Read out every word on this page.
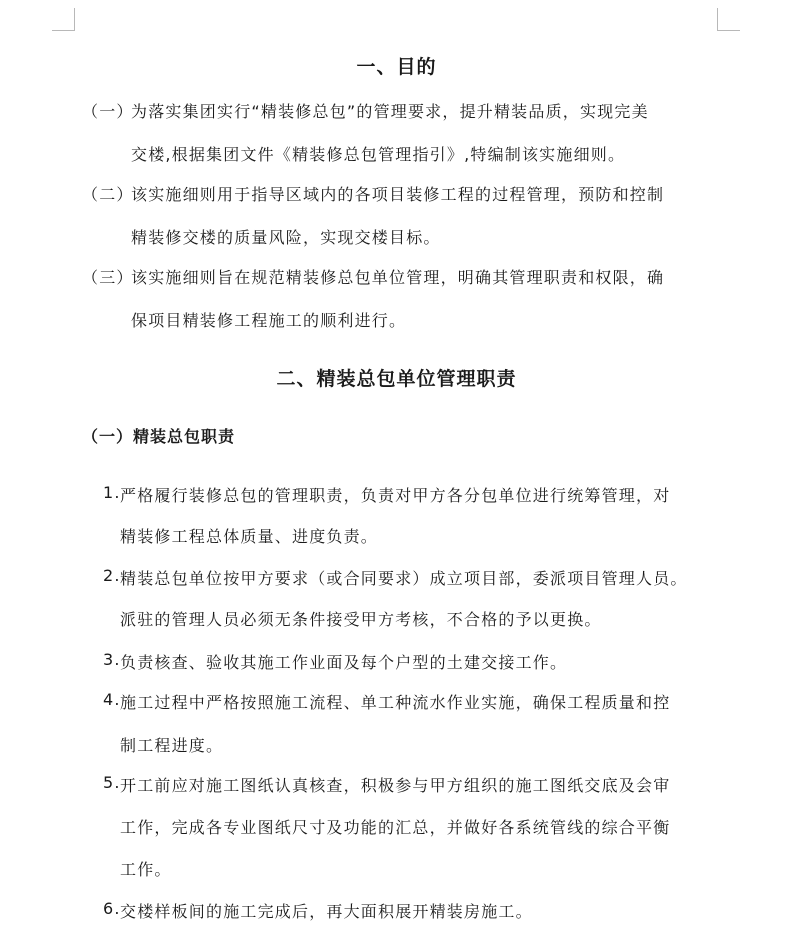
一、目的
（一）
为落实集团实行“精装修总包”的管理要求，提升精装品质，实现完美
交楼,根据集团文件《精装修总包管理指引》,特编制该实施细则。
（二）
该实施细则用于指导区域内的各项目装修工程的过程管理，预防和控制
精装修交楼的质量风险，实现交楼目标。
（三）
该实施细则旨在规范精装修总包单位管理，明确其管理职责和权限，确
保项目精装修工程施工的顺利进行。
二、精装总包单位管理职责
（一）精装总包职责
1. 严格履行装修总包的管理职责，负责对甲方各分包单位进行统筹管理，对
精装修工程总体质量、进度负责。
2. 精装总包单位按甲方要求（或合同要求）成立项目部，委派项目管理人员。
派驻的管理人员必须无条件接受甲方考核，不合格的予以更换。
3. 负责核查、验收其施工作业面及每个户型的土建交接工作。
4. 施工过程中严格按照施工流程、单工种流水作业实施，确保工程质量和控
制工程进度。
5. 开工前应对施工图纸认真核查，积极参与甲方组织的施工图纸交底及会审
工作，完成各专业图纸尺寸及功能的汇总，并做好各系统管线的综合平衡
工作。
6. 交楼样板间的施工完成后，再大面积展开精装房施工。
